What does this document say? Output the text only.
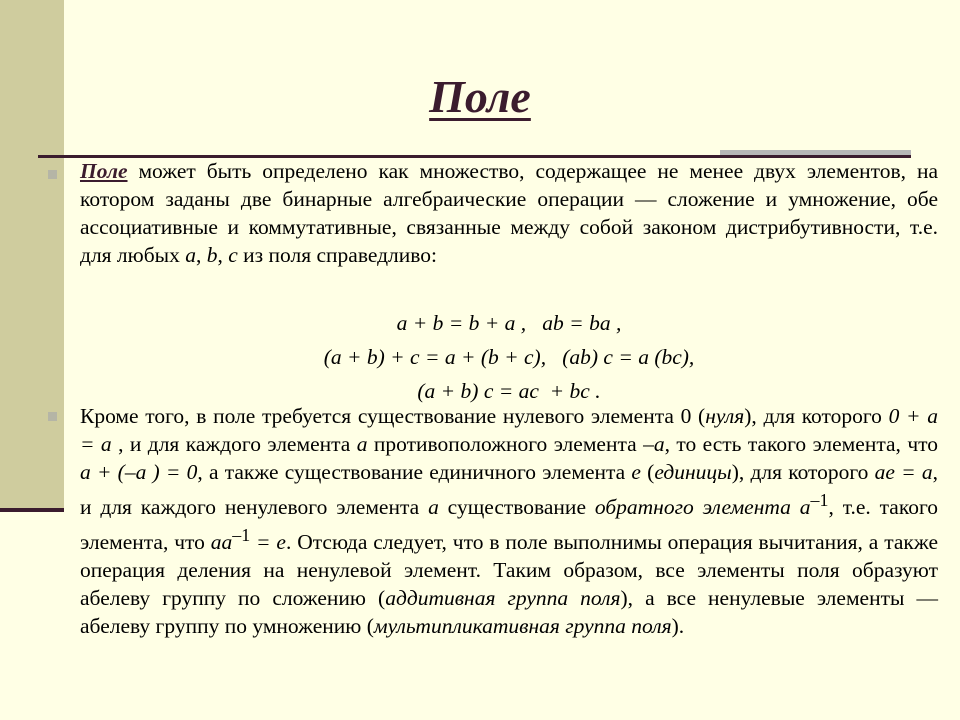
Поле
Поле может быть определено как множество, содержащее не менее двух элементов, на котором заданы две бинарные алгебраические операции — сложение и умножение, обе ассоциативные и коммутативные, связанные между собой законом дистрибутивности, т.е. для любых a, b, c из поля справедливо:
a + b = b + a ,   ab = ba ,
(a + b) + c = a + (b + c),   (ab) c = a (bc),
(a + b) c = ac  + bc .
Кроме того, в поле требуется существование нулевого элемента 0 (нуля), для которого 0 + a = a , и для каждого элемента a противоположного элемента –a, то есть такого элемента, что a + (–a ) = 0, а также существование единичного элемента e (единицы), для которого ae = a, и для каждого ненулевого элемента a существование обратного элемента $a^{-1}$, т.е. такого элемента, что $aa^{-1} = e$. Отсюда следует, что в поле выполнимы операция вычитания, а также операция деления на ненулевой элемент. Таким образом, все элементы поля образуют абелеву группу по сложению (аддитивная группа поля), а все ненулевые элементы — абелеву группу по умножению (мультипликативная группа поля).
